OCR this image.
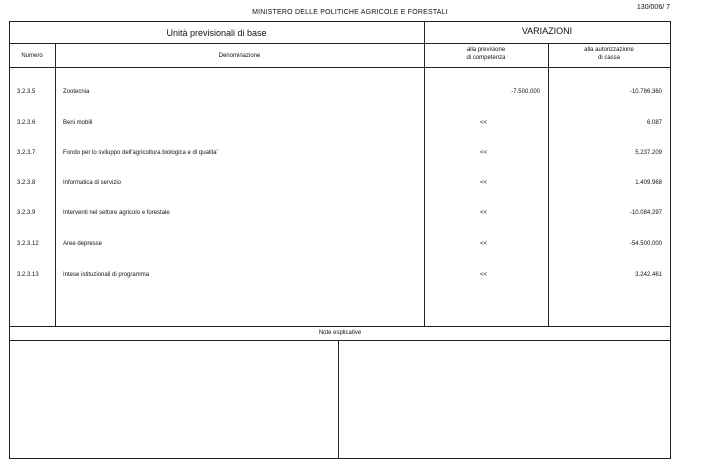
MINISTERO DELLE POLITICHE AGRICOLE E FORESTALI
130/006/ 7
Unità previsionali di base	VARIAZIONI
Numero	Denominazione
alla previsione
di competenza
alla autorizzazione
di cassa
3.2.3.5	Zootecnia	-7.500.000	-10.786.360
3.2.3.6	Beni mobili	<<	6.087
3.2.3.7	Fondo per lo sviluppo dell'agricoltura biologica e di qualita'	<<	5.237.209
3.2.3.8	Informatica di servizio	<<	1.409.968
3.2.3.9	Interventi nel settore agricolo e forestale	<<	-10.084.297
3.2.3.12	Aree depresse	<<	-54.500.000
3.2.3.13	Intese istituzionali di programma	<<	3.242.461
Note esplicative
